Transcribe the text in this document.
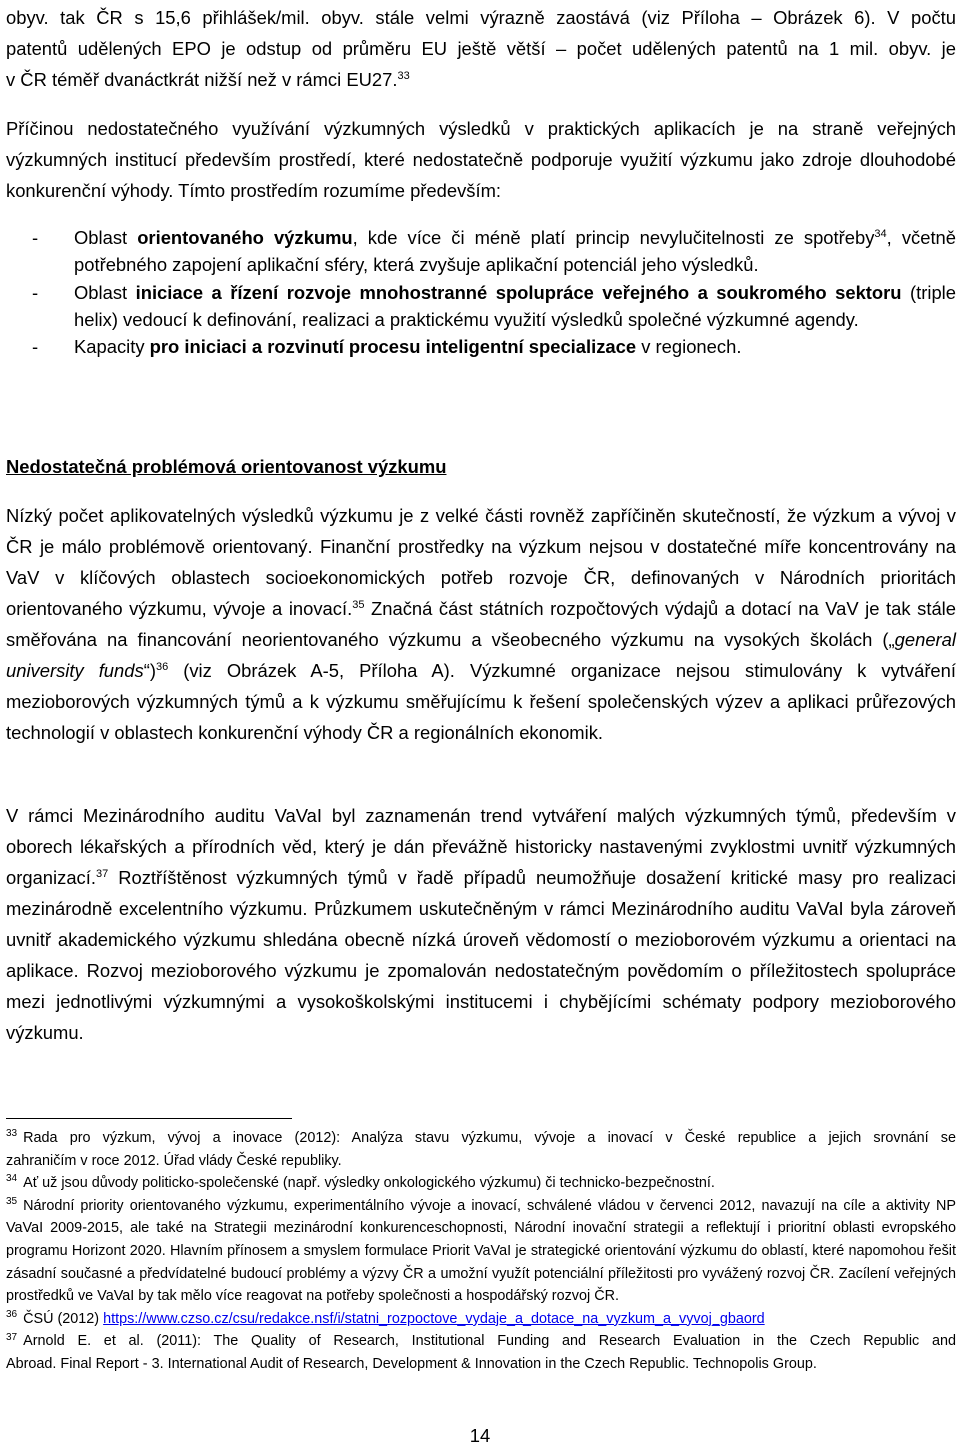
obyv. tak ČR s 15,6 přihlášek/mil. obyv. stále velmi výrazně zaostává (viz Příloha – Obrázek 6). V počtu
patentů udělených EPO je odstup od průměru EU ještě větší – počet udělených patentů na 1 mil. obyv. je
v ČR téměř dvanáctkrát nižší než v rámci EU27.33

Příčinou nedostatečného využívání výzkumných výsledků v praktických aplikacích je na straně veřejných výzkumných institucí především prostředí, které nedostatečně podporuje využití výzkumu jako zdroje dlouhodobé konkurenční výhody. Tímto prostředím rozumíme především:

-	Oblast orientovaného výzkumu, kde více či méně platí princip nevylučitelnosti ze spotřeby$^{34}$, včetně potřebného zapojení aplikační sféry, která zvyšuje aplikační potenciál jeho výsledků.
-	Oblast iniciace a řízení rozvoje mnohostranné spolupráce veřejného a soukromého sektoru (triple helix) vedoucí k definování, realizaci a praktickému využití výsledků společné výzkumné agendy.
-	Kapacity pro iniciaci a rozvinutí procesu inteligentní specializace v regionech.
Nedostatečná problémová orientovanost výzkumu

Nízký počet aplikovatelných výsledků výzkumu je z velké části rovněž zapříčiněn skutečností, že výzkum a vývoj v ČR je málo problémově orientovaný. Finanční prostředky na výzkum nejsou v dostatečné míře koncentrovány na VaV v klíčových oblastech socioekonomických potřeb rozvoje ČR, definovaných v Národních prioritách orientovaného výzkumu, vývoje a inovací.$^{35}$ Značná část státních rozpočtových výdajů a dotací na VaV je tak stále směřována na financování neorientovaného výzkumu a všeobecného výzkumu na vysokých školách („general university funds“)$^{36}$ (viz Obrázek A-5, Příloha A). Výzkumné organizace nejsou stimulovány k vytváření mezioborových výzkumných týmů a k výzkumu směřujícímu k řešení společenských výzev a aplikaci průřezových technologií v oblastech konkurenční výhody ČR a regionálních ekonomik.

V rámci Mezinárodního auditu VaVaI byl zaznamenán trend vytváření malých výzkumných týmů, především v oborech lékařských a přírodních věd, který je dán převážně historicky nastavenými zvyklostmi uvnitř výzkumných organizací.$^{37}$ Roztříštěnost výzkumných týmů v řadě případů neumožňuje dosažení kritické masy pro realizaci mezinárodně excelentního výzkumu. Průzkumem uskutečněným v rámci Mezinárodního auditu VaVaI byla zároveň uvnitř akademického výzkumu shledána obecně nízká úroveň vědomostí o mezioborovém výzkumu a orientaci na aplikace. Rozvoj mezioborového výzkumu je zpomalován nedostatečným povědomím o příležitostech spolupráce mezi jednotlivými výzkumnými a vysokoškolskými institucemi i chybějícími schématy podpory mezioborového výzkumu.

$^{33}$ Rada pro výzkum, vývoj a inovace (2012): Analýza stavu výzkumu, vývoje a inovací v České republice a jejich srovnání se

zahraničím v roce 2012. Úřad vlády České republiky.

$^{34}$ Ať už jsou důvody politicko-společenské (např. výsledky onkologického výzkumu) či technicko-bezpečnostní.

$^{35}$ Národní priority orientovaného výzkumu, experimentálního vývoje a inovací, schválené vládou v červenci 2012, navazují na cíle a aktivity NP VaVaI 2009-2015, ale také na Strategii mezinárodní konkurenceschopnosti, Národní inovační strategii a reflektují i prioritní oblasti evropského programu Horizont 2020. Hlavním přínosem a smyslem formulace Priorit VaVaI je strategické orientování výzkumu do oblastí, které napomohou řešit zásadní současné a předvídatelné budoucí problémy a výzvy ČR a umožní využít potenciální příležitosti pro vyvážený rozvoj ČR. Zacílení veřejných prostředků ve VaVaI by tak mělo více reagovat na potřeby společnosti a hospodářský rozvoj ČR.

$^{36}$ ČSÚ (2012) https://www.czso.cz/csu/redakce.nsf/i/statni_rozpoctove_vydaje_a_dotace_na_vyzkum_a_vyvoj_gbaord

$^{37}$ Arnold E. et al. (2011): The Quality of Research, Institutional Funding and Research Evaluation in the Czech Republic and

Abroad. Final Report - 3. International Audit of Research, Development & Innovation in the Czech Republic. Technopolis Group.

14
